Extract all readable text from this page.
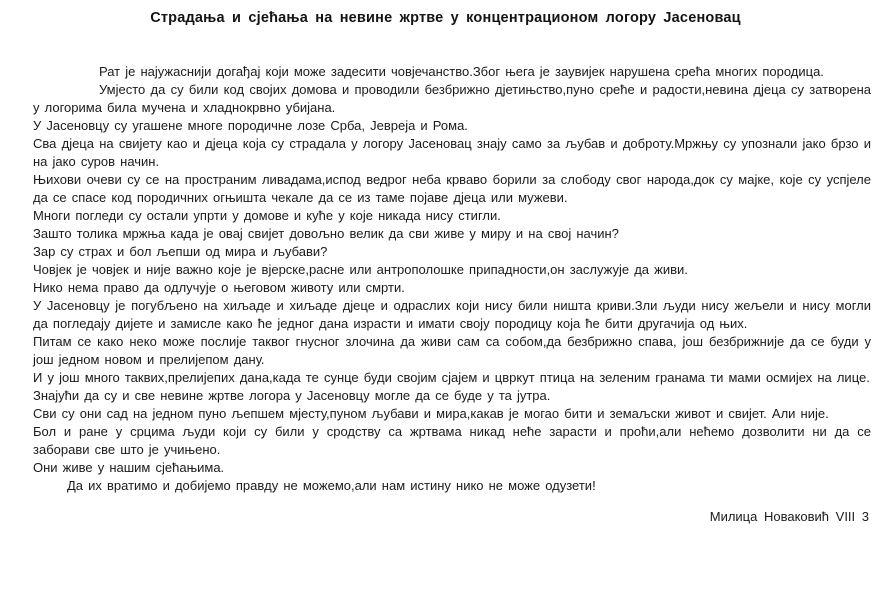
Страдања и сјећања на невине жртве у концентрационом логору Јасеновац
Рат је најужаснији догађај који може задесити човјечанство.Због њега је заувијек нарушена срећа многих породица.
Умјесто да су били код својих домова и проводили безбрижно дјетињство,пуно среће и радости,невина дјеца су затворена у логорима била мучена и хладнокрвно убијана.
У Јасеновцу су угашене многе породичне лозе Срба, Јевреја и Рома.
Сва дјеца на свијету као и дјеца која су страдала у логору Јасеновац знају само за љубав и доброту.Мржњу су упознали јако брзо и на јако суров начин.
Њихови очеви су се на пространим ливадама,испод ведрог неба крваво борили за слободу свог народа,док су мајке, које су успјеле да се спасе код породичних огњишта чекале да се из таме појаве дјеца или мужеви.
Многи погледи су остали упрти у домове и куће у које никада нису стигли.
Зашто толика мржња када је овај свијет довољно велик да сви живе у миру и на свој начин?
Зар су страх и бол љепши од мира и љубави?
Човјек је човјек и није важно које је вјерске,расне или антрополошке припадности,он заслужује да живи.
Нико нема право да одлучује о његовом животу или смрти.
У Јасеновцу је погубљено на хиљаде и хиљаде дјеце и одраслих који нису били ништа криви.Зли људи нису жељели и нису могли да погледају дијете и замисле како ће једног дана израсти и имати своју породицу која ће бити другачија од њих.
Питам се како неко може послије таквог гнусног злочина да живи сам са собом,да безбрижно спава, још безбрижније да се буди у још једном новом и прелијепом дану.
И у још много таквих,прелијепих дана,када те сунце буди својим сјајем и цвркут птица на зеленим гранама ти мами осмијех на лице.
Знајући да су и све невине жртве логора у Јасеновцу могле да се буде у та јутра.
Сви су они сад на једном пуно љепшем мјесту,пуном љубави и мира,какав је могао бити и земаљски живот и свијет. Али није.
Бол и ране у срцима људи који су били у сродству са жртвама никад неће зарасти и проћи,али нећемо дозволити ни да се заборави све што је учињено.
Они живе у нашим сјећањима.
Да их вратимо и добијемо правду не можемо,али нам истину нико не може одузети!
Милица Новаковић VIII 3
